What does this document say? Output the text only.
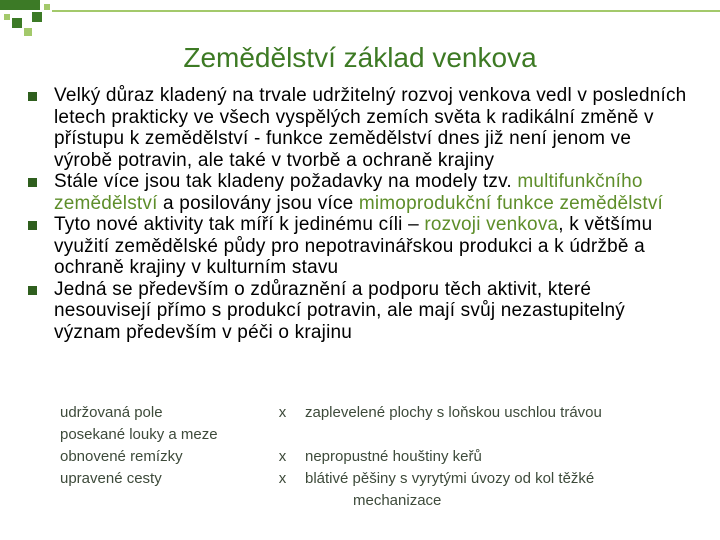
Zemědělství základ venkova
Velký důraz kladený na trvale udržitelný rozvoj venkova vedl v posledních letech prakticky ve všech vyspělých zemích světa k radikální změně v přístupu k zemědělství - funkce zemědělství dnes již není jenom ve výrobě potravin, ale také v tvorbě a ochraně krajiny
Stále více jsou tak kladeny požadavky na modely tzv. multifunkčního zemědělství a posilovány jsou více mimoprodukční funkce zemědělství
Tyto nové aktivity tak míří k jedinému cíli – rozvoji venkova, k většímu využití zemědělské půdy pro nepotravinářskou produkci a k údržbě a ochraně krajiny v kulturním stavu
Jedná se především o zdůraznění a podporu těch aktivit, které nesouvisejí přímo s produkcí potravin, ale mají svůj nezastupitelný význam především v péči o krajinu
udržovaná pole	x	zaplevelené plochy s loňskou uschlou trávou
posekané louky a meze
obnovené remízky	x	nepropustné houštiny keřů
upravené cesty	x	blátivé pěšiny s vyrytými úvozy od kol těžké
mechanizace
